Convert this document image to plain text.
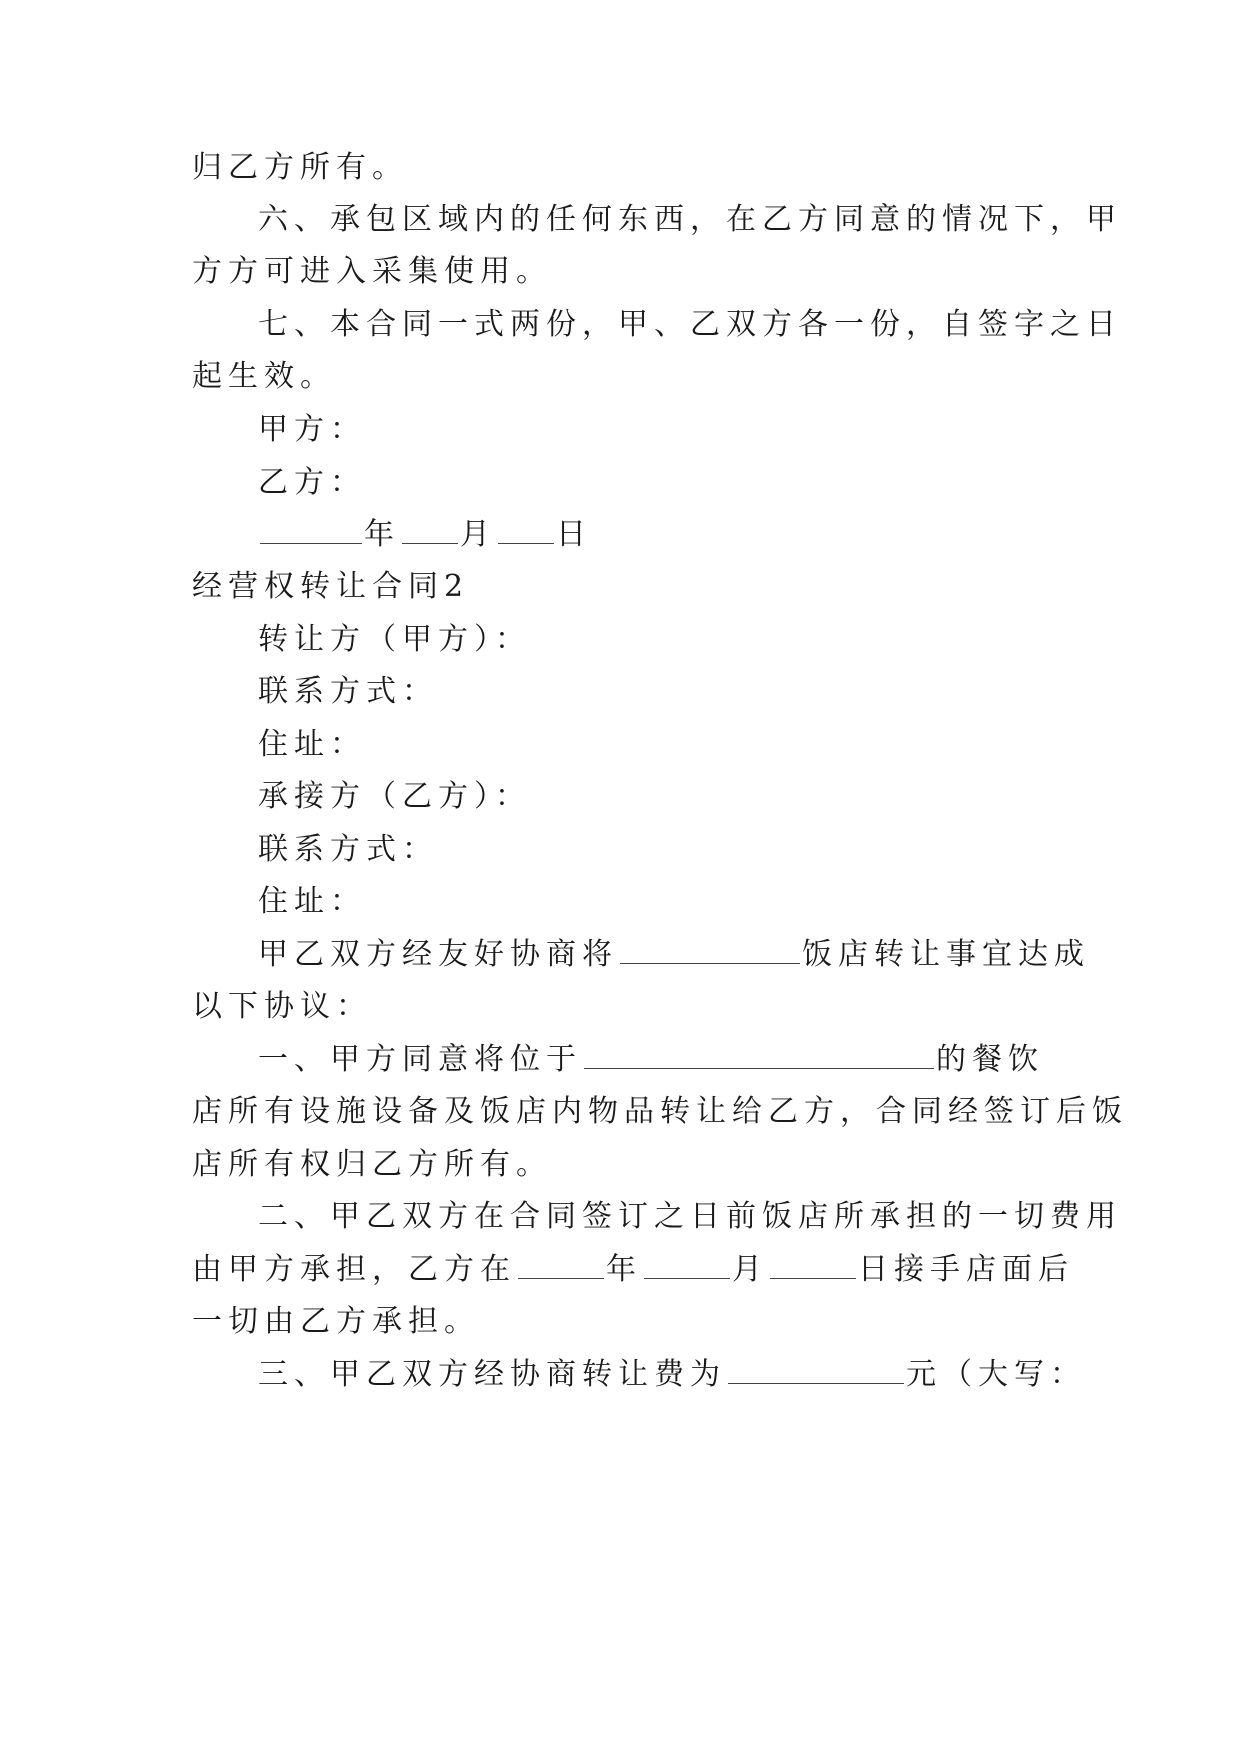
归乙方所有。
六、承包区域内的任何东西，在乙方同意的情况下，甲
方方可进入采集使用。
七、本合同一式两份，甲、乙双方各一份，自签字之日
起生效。
甲方：
乙方：
年 月 日
经营权转让合同2
转让方（甲方）：
联系方式：
住址：
承接方（乙方）：
联系方式：
住址：
甲乙双方经友好协商将	饭店转让事宜达成
以下协议：
一、甲方同意将位于	的餐饮
店所有设施设备及饭店内物品转让给乙方，合同经签订后饭
店所有权归乙方所有。
二、甲乙双方在合同签订之日前饭店所承担的一切费用
由甲方承担，乙方在	年	月	日接手店面后
一切由乙方承担。
三、甲乙双方经协商转让费为	元（大写：
